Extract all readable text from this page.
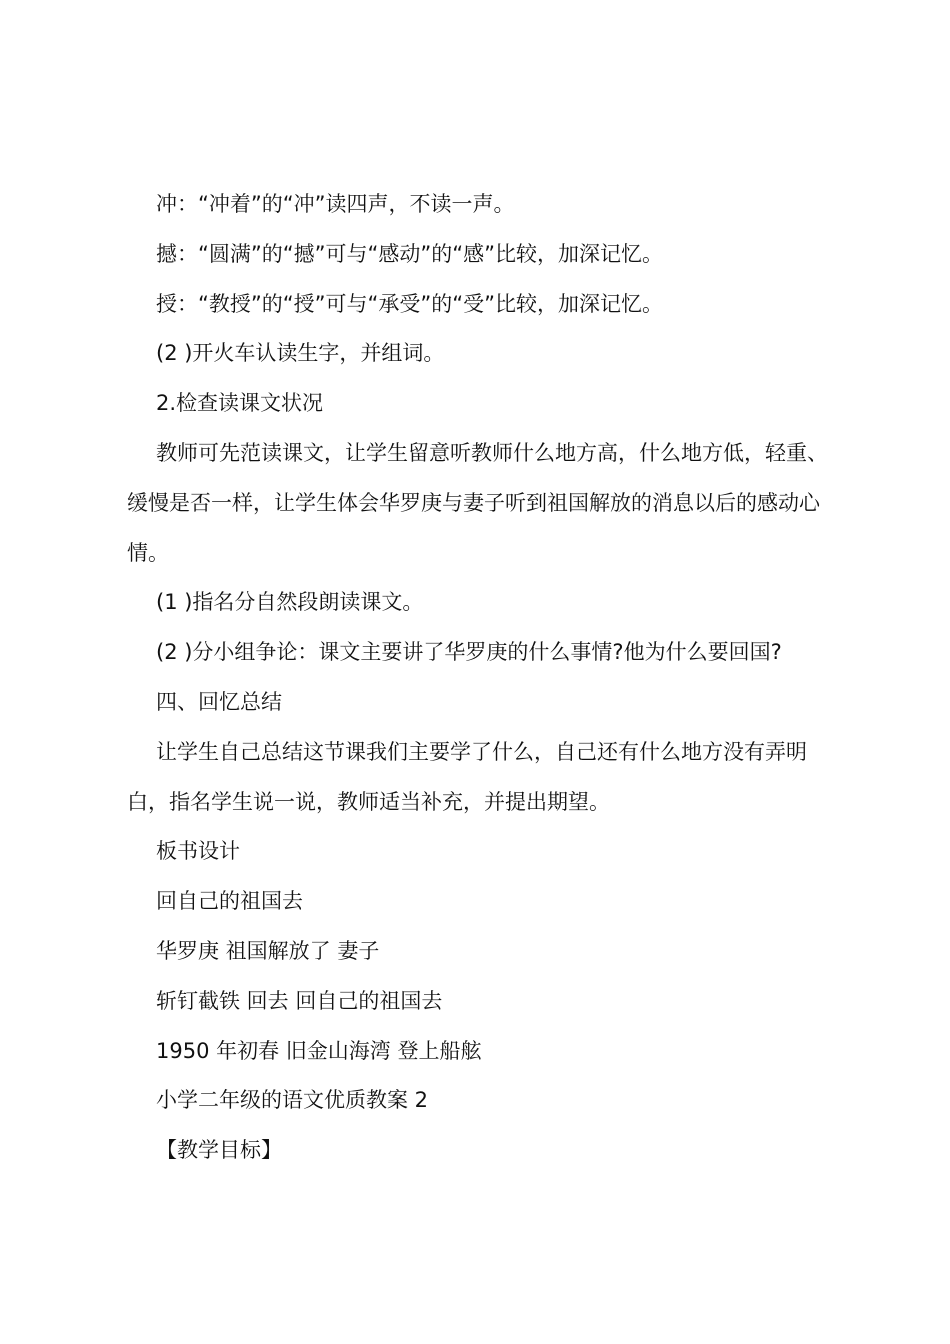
冲：“冲着”的“冲”读四声，不读一声。

撼：“圆满”的“撼”可与“感动”的“感”比较，加深记忆。

授：“教授”的“授”可与“承受”的“受”比较，加深记忆。

(2 )开火车认读生字，并组词。

2.检查读课文状况

教师可先范读课文，让学生留意听教师什么地方高，什么地方低，轻重、缓慢是否一样，让学生体会华罗庚与妻子听到祖国解放的消息以后的感动心情。

(1 )指名分自然段朗读课文。

(2 )分小组争论：课文主要讲了华罗庚的什么事情?他为什么要回国?

四、回忆总结

让学生自己总结这节课我们主要学了什么，自己还有什么地方没有弄明白，指名学生说一说，教师适当补充，并提出期望。

板书设计

回自己的祖国去

华罗庚 祖国解放了 妻子

斩钉截铁 回去 回自己的祖国去

1950 年初春 旧金山海湾 登上船舷

小学二年级的语文优质教案 2

【教学目标】
